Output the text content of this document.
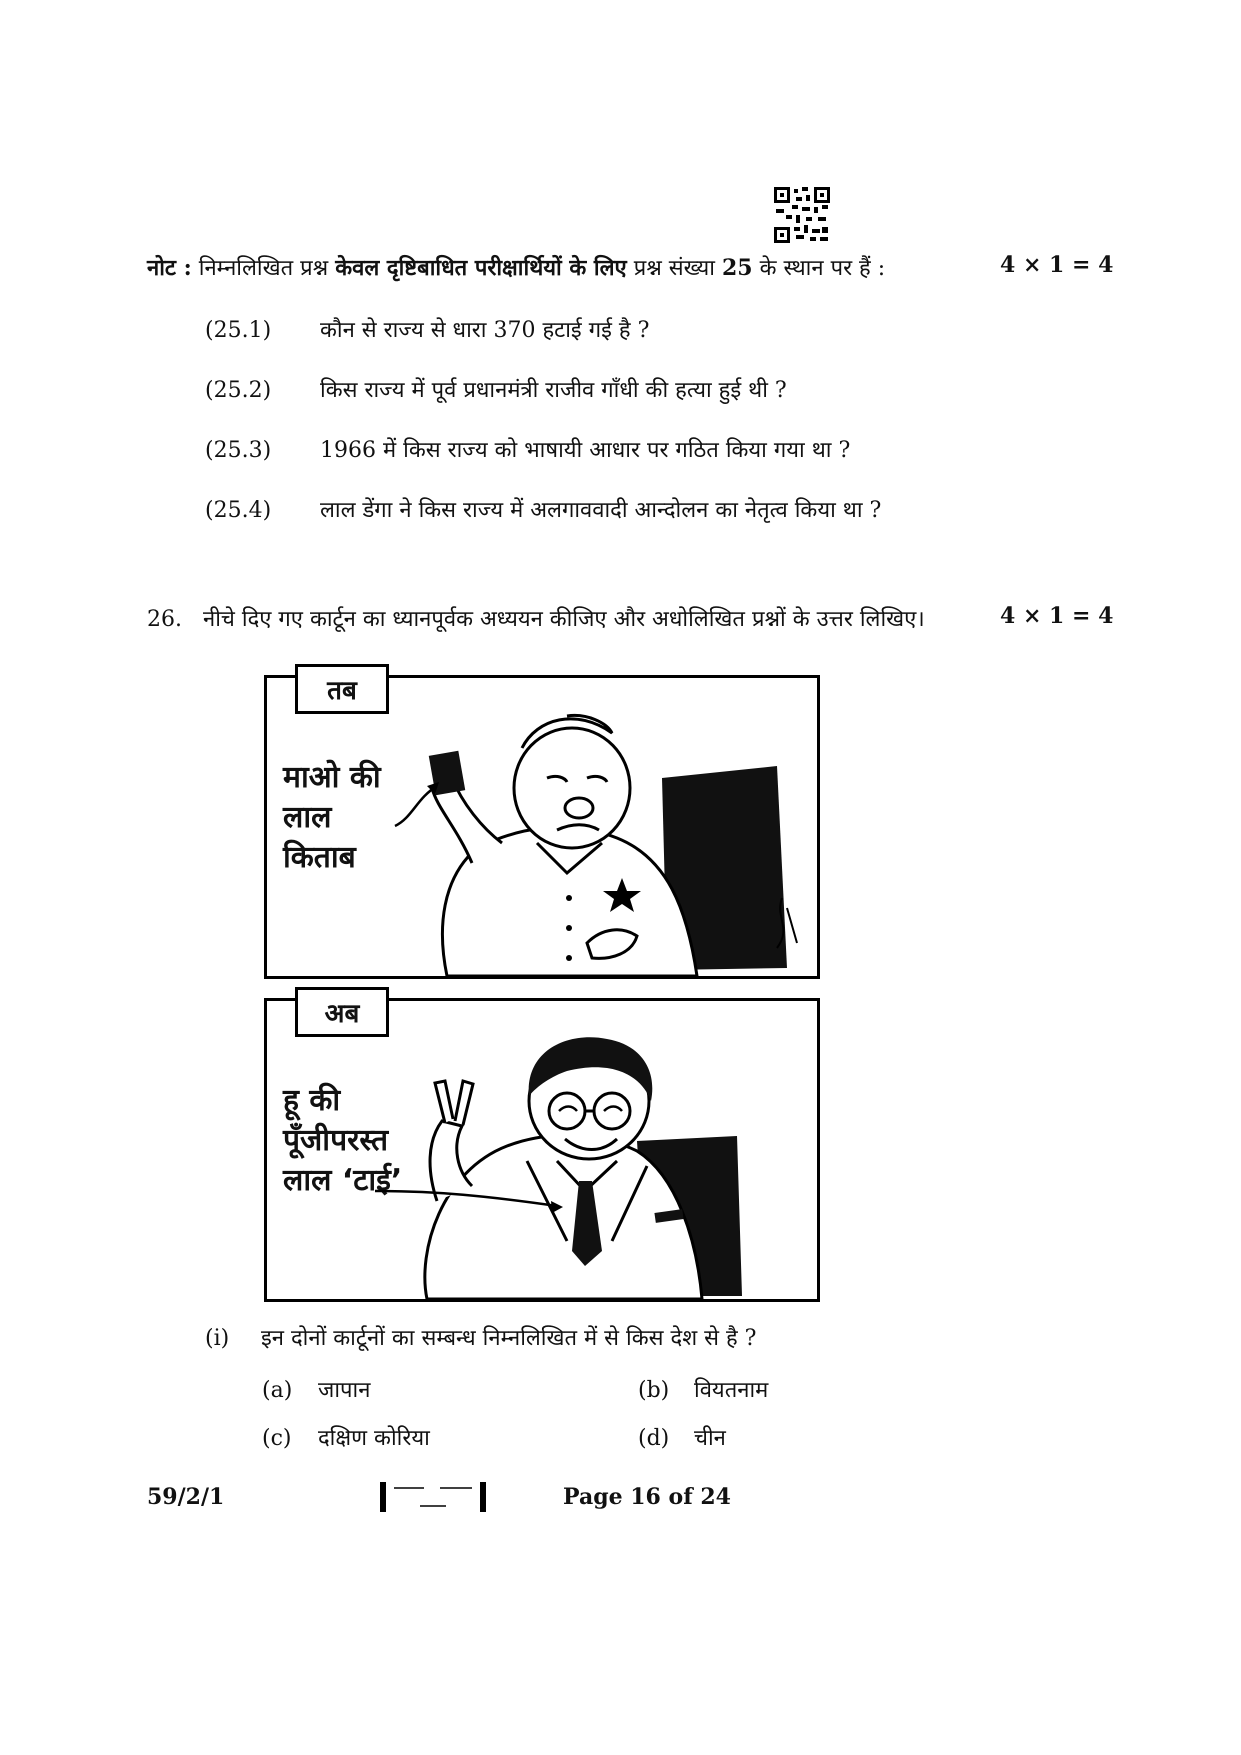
नोट : निम्नलिखित प्रश्न केवल दृष्टिबाधित परीक्षार्थियों के लिए प्रश्न संख्या 25 के स्थान पर हैं :	4 × 1 = 4
(25.1) कौन से राज्य से धारा 370 हटाई गई है ?
(25.2) किस राज्य में पूर्व प्रधानमंत्री राजीव गाँधी की हत्या हुई थी ?
(25.3) 1966 में किस राज्य को भाषायी आधार पर गठित किया गया था ?
(25.4) लाल डेंगा ने किस राज्य में अलगाववादी आन्दोलन का नेतृत्व किया था ?
26. नीचे दिए गए कार्टून का ध्यानपूर्वक अध्ययन कीजिए और अधोलिखित प्रश्नों के उत्तर लिखिए।	4 × 1 = 4
तब
माओ की
लाल
किताब
अब
हू की
पूँजीपरस्त
लाल ‘टाई’
(i) इन दोनों कार्टूनों का सम्बन्ध निम्नलिखित में से किस देश से है ?
(a) जापान	(b) वियतनाम
(c) दक्षिण कोरिया	(d) चीन
59/2/1	Page 16 of 24
